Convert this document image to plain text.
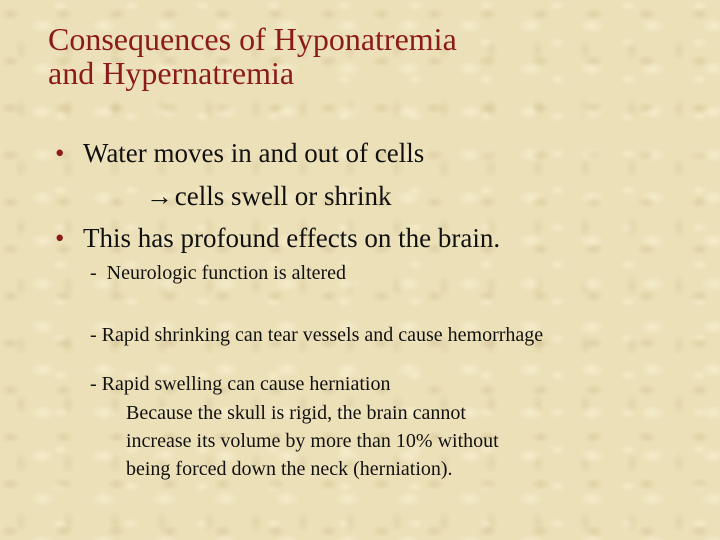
Consequences of Hyponatremia
and Hypernatremia
• Water moves in and out of cells
→ cells swell or shrink
• This has profound effects on the brain.
- Neurologic function is altered
- Rapid shrinking can tear vessels and cause hemorrhage
- Rapid swelling can cause herniation
Because the skull is rigid, the brain cannot
increase its volume by more than 10% without
being forced down the neck (herniation).
